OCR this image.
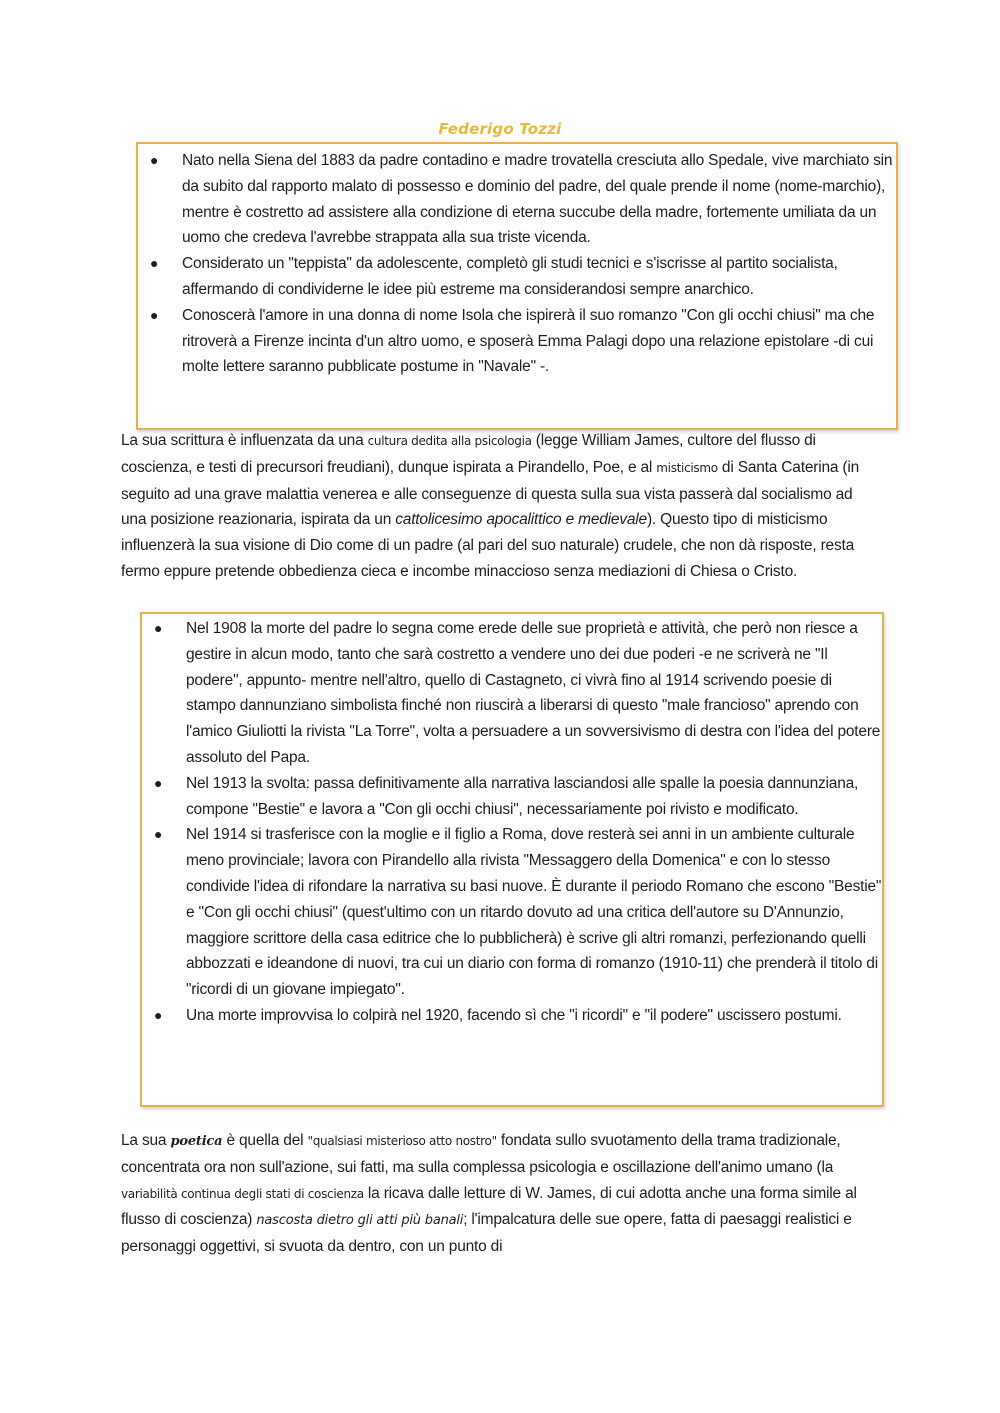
Federigo Tozzi
● Nato nella Siena del 1883 da padre contadino e madre trovatella cresciuta allo Spedale, vive marchiato sin da subito dal rapporto malato di possesso e dominio del padre, del quale prende il nome (nome-marchio), mentre è costretto ad assistere alla condizione di eterna succube della madre, fortemente umiliata da un uomo che credeva l'avrebbe strappata alla sua triste vicenda.
● Considerato un "teppista" da adolescente, completò gli studi tecnici e s'iscrisse al partito socialista, affermando di condividerne le idee più estreme ma considerandosi sempre anarchico.
● Conoscerà l'amore in una donna di nome Isola che ispirerà il suo romanzo "Con gli occhi chiusi" ma che ritroverà a Firenze incinta d'un altro uomo, e sposerà Emma Palagi dopo una relazione epistolare -di cui molte lettere saranno pubblicate postume in "Navale" -.

La sua scrittura è influenzata da una cultura dedita alla psicologia (legge William James, cultore del flusso di coscienza, e testi di precursori freudiani), dunque ispirata a Pirandello, Poe, e al misticismo di Santa Caterina (in seguito ad una grave malattia venerea e alle conseguenze di questa sulla sua vista passerà dal socialismo ad una posizione reazionaria, ispirata da un cattolicesimo apocalittico e medievale). Questo tipo di misticismo influenzerà la sua visione di Dio come di un padre (al pari del suo naturale) crudele, che non dà risposte, resta fermo eppure pretende obbedienza cieca e incombe minaccioso senza mediazioni di Chiesa o Cristo.

● Nel 1908 la morte del padre lo segna come erede delle sue proprietà e attività, che però non riesce a gestire in alcun modo, tanto che sarà costretto a vendere uno dei due poderi -e ne scriverà ne "Il podere", appunto- mentre nell'altro, quello di Castagneto, ci vivrà fino al 1914 scrivendo poesie di stampo dannunziano simbolista finché non riuscirà a liberarsi di questo "male francioso" aprendo con l'amico Giuliotti la rivista "La Torre", volta a persuadere a un sovversivismo di destra con l'idea del potere assoluto del Papa.
● Nel 1913 la svolta: passa definitivamente alla narrativa lasciandosi alle spalle la poesia dannunziana, compone "Bestie" e lavora a "Con gli occhi chiusi", necessariamente poi rivisto e modificato.
● Nel 1914 si trasferisce con la moglie e il figlio a Roma, dove resterà sei anni in un ambiente culturale meno provinciale; lavora con Pirandello alla rivista "Messaggero della Domenica" e con lo stesso condivide l'idea di rifondare la narrativa su basi nuove. È durante il periodo Romano che escono "Bestie" e "Con gli occhi chiusi" (quest'ultimo con un ritardo dovuto ad una critica dell'autore su D'Annunzio, maggiore scrittore della casa editrice che lo pubblicherà) è scrive gli altri romanzi, perfezionando quelli abbozzati e ideandone di nuovi, tra cui un diario con forma di romanzo (1910-11) che prenderà il titolo di "ricordi di un giovane impiegato".
● Una morte improvvisa lo colpirà nel 1920, facendo sì che "i ricordi" e "il podere" uscissero postumi.

La sua poetica è quella del "qualsiasi misterioso atto nostro" fondata sullo svuotamento della trama tradizionale, concentrata ora non sull'azione, sui fatti, ma sulla complessa psicologia e oscillazione dell'animo umano (la variabilità continua degli stati di coscienza la ricava dalle letture di W. James, di cui adotta anche una forma simile al flusso di coscienza) nascosta dietro gli atti più banali; l'impalcatura delle sue opere, fatta di paesaggi realistici e personaggi oggettivi, si svuota da dentro, con un punto di
